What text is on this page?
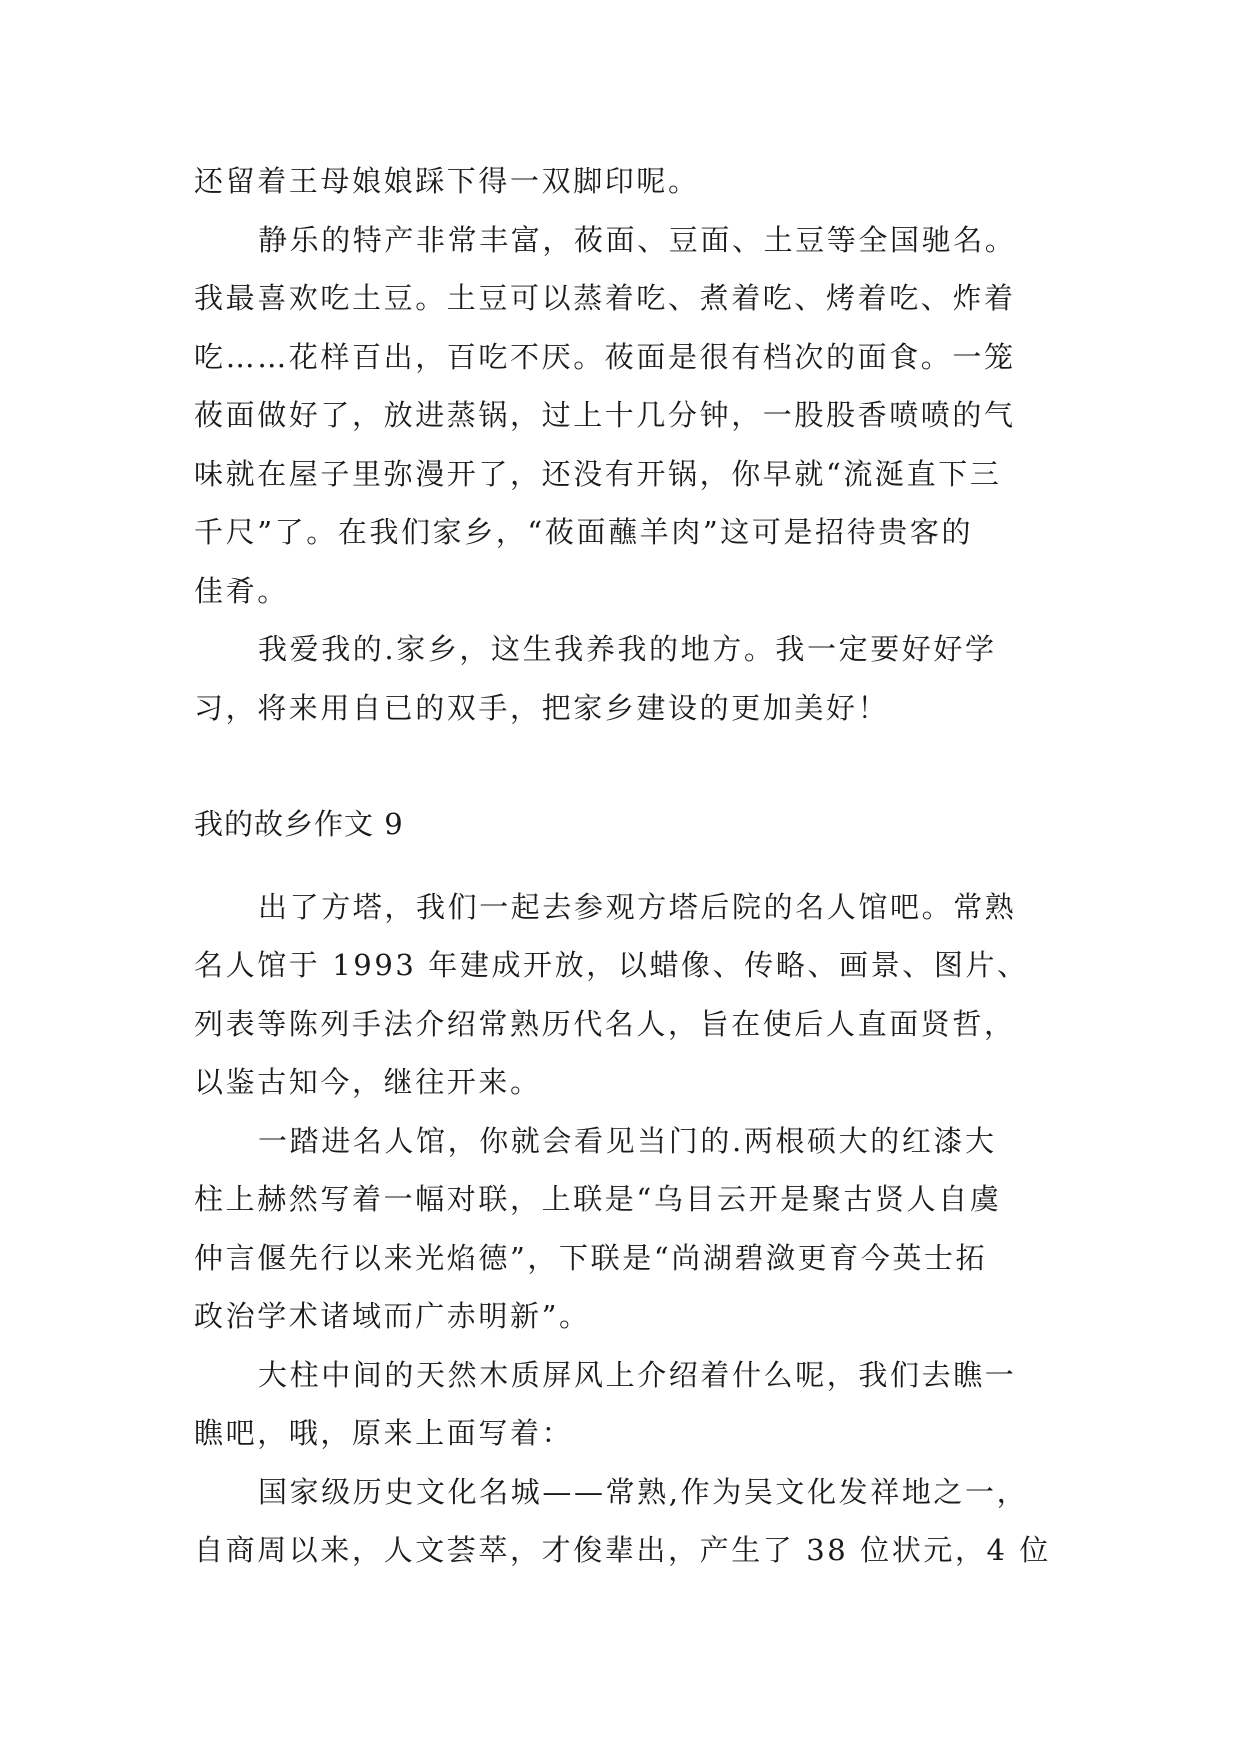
还留着王母娘娘踩下得一双脚印呢。

静乐的特产非常丰富，莜面、豆面、土豆等全国驰名。

我最喜欢吃土豆。土豆可以蒸着吃、煮着吃、烤着吃、炸着

吃……花样百出，百吃不厌。莜面是很有档次的面食。一笼

莜面做好了，放进蒸锅，过上十几分钟，一股股香喷喷的气

味就在屋子里弥漫开了，还没有开锅，你早就“流涎直下三

千尺”了。在我们家乡，“莜面蘸羊肉”这可是招待贵客的

佳肴。

我爱我的.家乡，这生我养我的地方。我一定要好好学

习，将来用自已的双手，把家乡建设的更加美好！

我的故乡作文 9

出了方塔，我们一起去参观方塔后院的名人馆吧。常熟

名人馆于 1993 年建成开放，以蜡像、传略、画景、图片、

列表等陈列手法介绍常熟历代名人，旨在使后人直面贤哲，

以鉴古知今，继往开来。

一踏进名人馆，你就会看见当门的.两根硕大的红漆大

柱上赫然写着一幅对联，上联是“乌目云开是聚古贤人自虞

仲言偃先行以来光焰德”，下联是“尚湖碧潋更育今英士拓

政治学术诸域而广赤明新”。

大柱中间的天然木质屏风上介绍着什么呢，我们去瞧一

瞧吧，哦，原来上面写着：

国家级历史文化名城——常熟,作为吴文化发祥地之一，

自商周以来，人文荟萃，才俊辈出，产生了 38 位状元，4 位
